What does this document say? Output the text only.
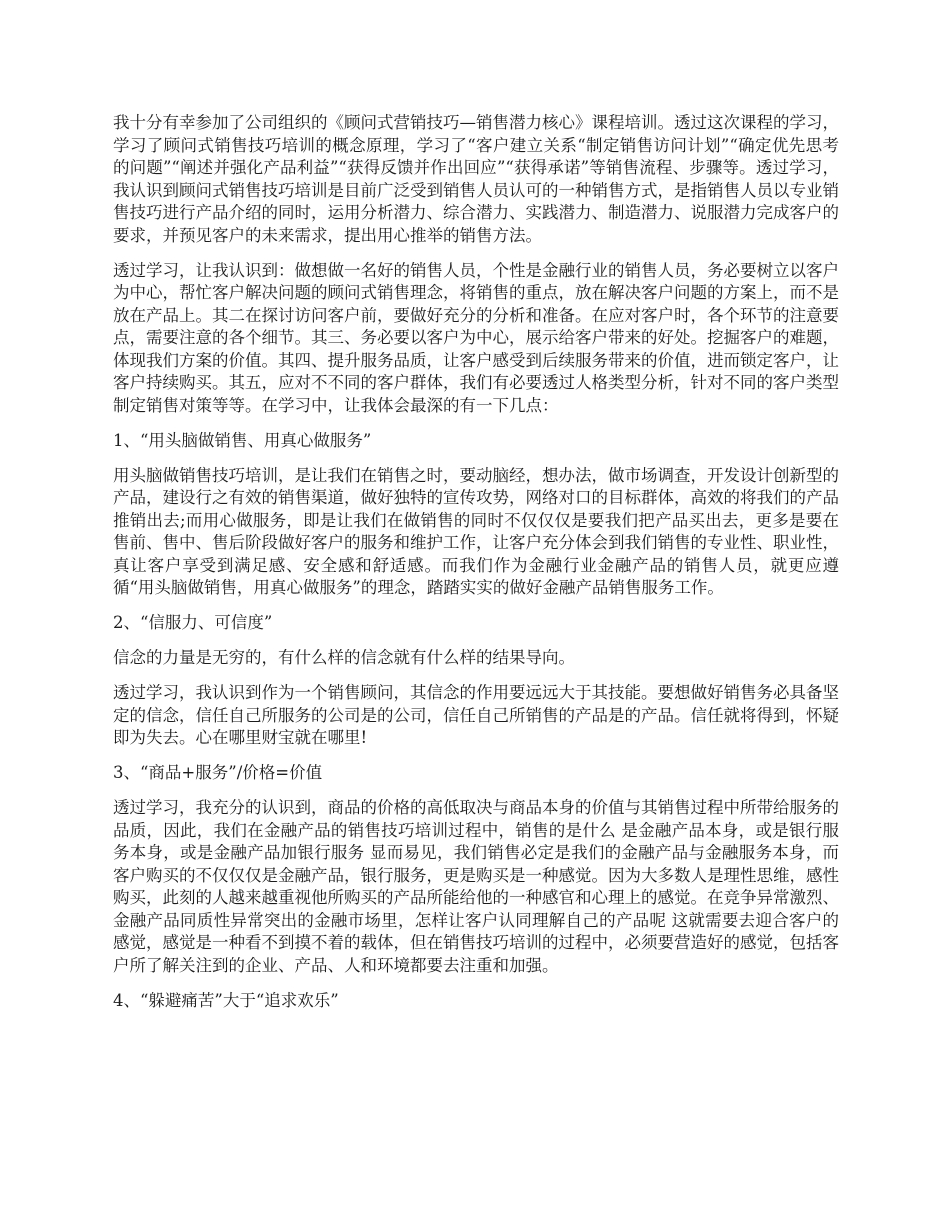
我十分有幸参加了公司组织的《顾问式营销技巧—销售潜力核心》课程培训。透过这次课程的学习，学习了顾问式销售技巧培训的概念原理，学习了“客户建立关系“制定销售访问计划”“确定优先思考的问题”“阐述并强化产品利益”“获得反馈并作出回应”“获得承诺”等销售流程、步骤等。透过学习，我认识到顾问式销售技巧培训是目前广泛受到销售人员认可的一种销售方式，是指销售人员以专业销售技巧进行产品介绍的同时，运用分析潜力、综合潜力、实践潜力、制造潜力、说服潜力完成客户的要求，并预见客户的未来需求，提出用心推举的销售方法。

透过学习，让我认识到：做想做一名好的销售人员，个性是金融行业的销售人员，务必要树立以客户为中心，帮忙客户解决问题的顾问式销售理念，将销售的重点，放在解决客户问题的方案上，而不是放在产品上。其二在探讨访问客户前，要做好充分的分析和准备。在应对客户时，各个环节的注意要点，需要注意的各个细节。其三、务必要以客户为中心，展示给客户带来的好处。挖掘客户的难题，体现我们方案的价值。其四、提升服务品质，让客户感受到后续服务带来的价值，进而锁定客户，让客户持续购买。其五，应对不不同的客户群体，我们有必要透过人格类型分析，针对不同的客户类型制定销售对策等等。在学习中，让我体会最深的有一下几点：

1、“用头脑做销售、用真心做服务”

用头脑做销售技巧培训，是让我们在销售之时，要动脑经，想办法，做市场调查，开发设计创新型的产品，建设行之有效的销售渠道，做好独特的宣传攻势，网络对口的目标群体，高效的将我们的产品推销出去;而用心做服务，即是让我们在做销售的同时不仅仅仅是要我们把产品买出去，更多是要在售前、售中、售后阶段做好客户的服务和维护工作，让客户充分体会到我们销售的专业性、职业性，真让客户享受到满足感、安全感和舒适感。而我们作为金融行业金融产品的销售人员，就更应遵循“用头脑做销售，用真心做服务”的理念，踏踏实实的做好金融产品销售服务工作。

2、“信服力、可信度”

信念的力量是无穷的，有什么样的信念就有什么样的结果导向。

透过学习，我认识到作为一个销售顾问，其信念的作用要远远大于其技能。要想做好销售务必具备坚定的信念，信任自己所服务的公司是的公司，信任自己所销售的产品是的产品。信任就将得到，怀疑即为失去。心在哪里财宝就在哪里!

3、“商品+服务”/价格=价值

透过学习，我充分的认识到，商品的价格的高低取决与商品本身的价值与其销售过程中所带给服务的品质，因此，我们在金融产品的销售技巧培训过程中，销售的是什么 是金融产品本身，或是银行服务本身，或是金融产品加银行服务 显而易见，我们销售必定是我们的金融产品与金融服务本身，而客户购买的不仅仅仅是金融产品，银行服务，更是购买是一种感觉。因为大多数人是理性思维，感性购买，此刻的人越来越重视他所购买的产品所能给他的一种感官和心理上的感觉。在竞争异常激烈、金融产品同质性异常突出的金融市场里，怎样让客户认同理解自己的产品呢 这就需要去迎合客户的感觉，感觉是一种看不到摸不着的载体，但在销售技巧培训的过程中，必须要营造好的感觉，包括客户所了解关注到的企业、产品、人和环境都要去注重和加强。

4、“躲避痛苦”大于“追求欢乐”
